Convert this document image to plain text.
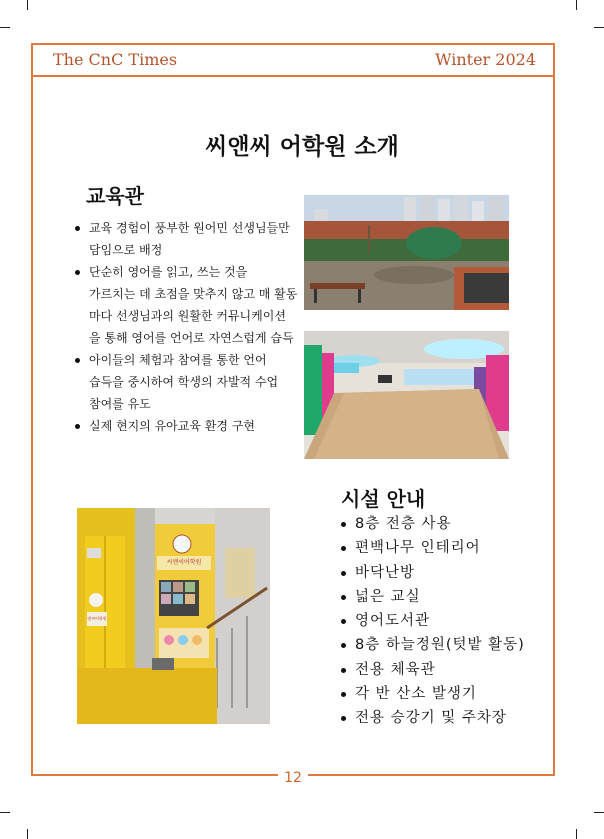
The CnC Times	Winter 2024
씨앤씨 어학원 소개
교육관
교육 경험이 풍부한 원어민 선생님들만
담임으로 배정
단순히 영어를 읽고, 쓰는 것을
가르치는 데 초점을 맞추지 않고 매 활동
마다 선생님과의 원활한 커뮤니케이션
을 통해 영어를 언어로 자연스럽게 습득
아이들의 체험과 참여를 통한 언어
습득을 중시하여 학생의 자발적 수업
참여를 유도
실제 현지의 유아교육 환경 구현
씨앤씨어학원
앤씨어학원
시설 안내
8층 전층 사용
편백나무 인테리어
바닥난방
넓은 교실
영어도서관
8층 하늘정원(텃밭 활동)
전용 체육관
각 반 산소 발생기
전용 승강기 및 주차장
12
